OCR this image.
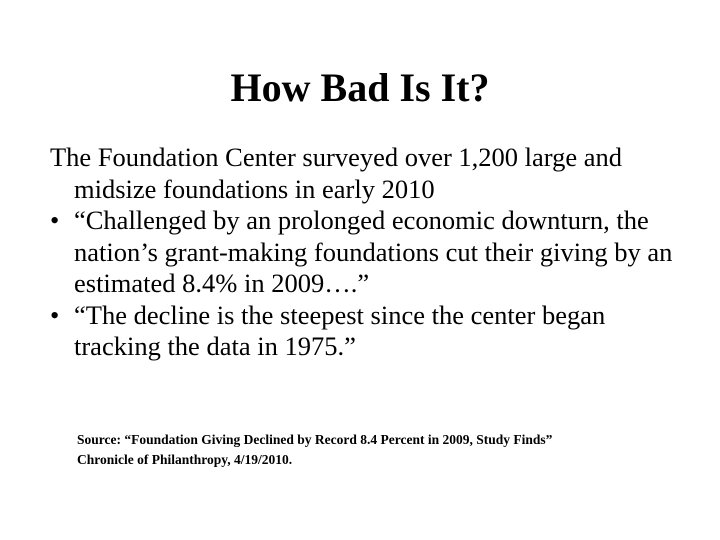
How Bad Is It?

The Foundation Center surveyed over 1,200 large and midsize foundations in early 2010

• “Challenged by an prolonged economic downturn, the nation’s grant-making foundations cut their giving by an estimated 8.4% in 2009….”
• “The decline is the steepest since the center began tracking the data in 1975.”

Source: “Foundation Giving Declined by Record 8.4 Percent in 2009, Study Finds”

Chronicle of Philanthropy, 4/19/2010.
